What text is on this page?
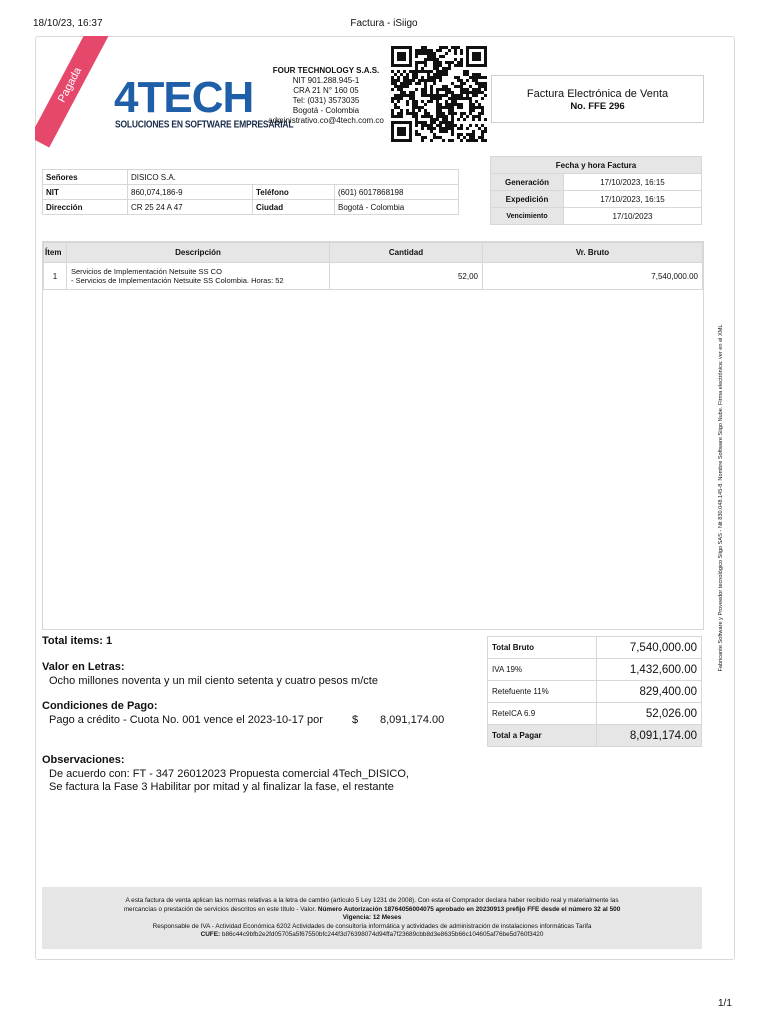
18/10/23, 16:37	Factura - iSiigo
1/1
Pagada 4TECH
SOLUCIONES EN SOFTWARE EMPRESARIAL
FOUR TECHNOLOGY S.A.S.
NIT 901.288.945-1
CRA 21 N° 160 05
Tel: (031) 3573035
Bogotá - Colombia
administrativo.co@4tech.com.co
Factura Electrónica de Venta
No. FFE 296
Señores	DISICO S.A.		
NIT	860,074,186-9	Teléfono	(601) 6017868198
Dirección	CR 25 24 A 47	Ciudad	Bogotá - Colombia
Fecha y hora Factura	
Generación	17/10/2023, 16:15
Expedición	17/10/2023, 16:15
Vencimiento	17/10/2023
Ítem	Descripción	Cantidad	Vr. Bruto
1	Servicios de Implementación Netsuite SS CO
- Servicios de Implementación Netsuite SS Colombia. Horas: 52	52,00	7,540,000.00
Total items: 1
Valor en Letras:
Ocho millones noventa y un mil ciento setenta y cuatro pesos m/cte
Condiciones de Pago:
Pago a crédito - Cuota No. 001 vence el 2023-10-17 por	$ 8,091,174.00
Observaciones:
De acuerdo con: FT - 347 26012023 Propuesta comercial 4Tech_DISICO,
Se factura la Fase 3 Habilitar por mitad y al finalizar la fase, el restante
Total Bruto	7,540,000.00
IVA 19%	1,432,600.00
Retefuente 11%	829,400.00
ReteICA 6.9	52,026.00
Total a Pagar	8,091,174.00
A esta factura de venta aplican las normas relativas a la letra de cambio (artículo 5 Ley 1231 de 2008). Con esta el Comprador declara haber recibido real y materialmente las
mercancías o prestación de servicios descritos en este título - Valor. Número Autorización 18764056004075 aprobado en 20230913 prefijo FFE desde el número 32 al 500
Vigencia: 12 Meses
Responsable de IVA - Actividad Económica 6202 Actividades de consultoría informática y actividades de administración de instalaciones informáticas Tarifa
CUFE: b86c44c9bfb2e2fd05705a5f67550bfc244f3d76398074d94ffa7f23689cbb8d3e8635b66c104605af76be5d760f3420
Fabricante Software y Proveedor tecnológico Siigo SAS - Nit 830.048.145-8. Nombre Software Siigo Nube. Firma electrónica: ver en el XML
